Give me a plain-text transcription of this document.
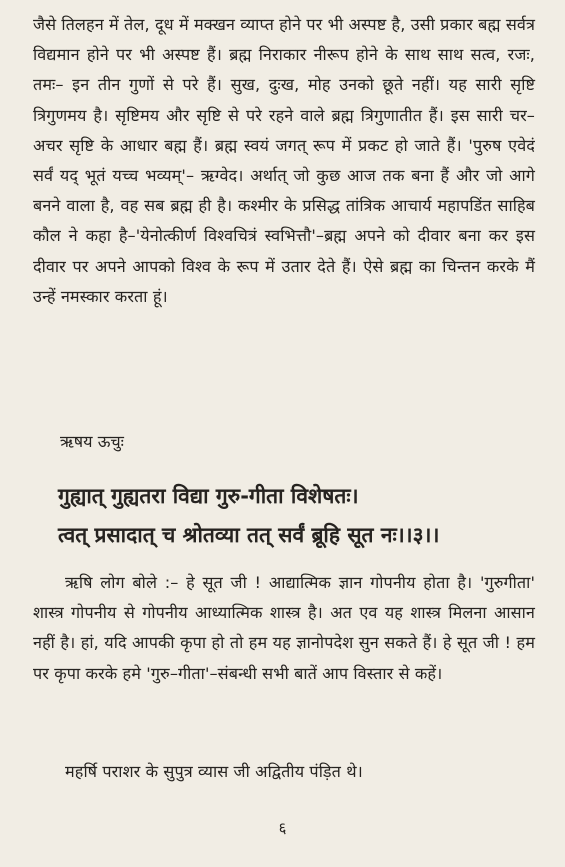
जैसे तिलहन में तेल, दूध में मक्खन व्याप्त होने पर भी अस्पष्ट है, उसी प्रकार बह्म सर्वत्र विद्यमान होने पर भी अस्पष्ट हैं। ब्रह्म निराकार नीरूप होने के साथ साथ सत्व, रजः, तमः– इन तीन गुणों से परे हैं। सुख, दुःख, मोह उनको छूते नहीं। यह सारी सृष्टि त्रिगुणमय है। सृष्टिमय और सृष्टि से परे रहने वाले ब्रह्म त्रिगुणातीत हैं। इस सारी चर–अचर सृष्टि के आधार बह्म हैं। ब्रह्म स्वयं जगत् रूप में प्रकट हो जाते हैं। 'पुरुष एवेदं सर्वं यद् भूतं यच्च भव्यम्'– ऋग्वेद। अर्थात् जो कुछ आज तक बना हैं और जो आगे बनने वाला है, वह सब ब्रह्म ही है। कश्मीर के प्रसिद्ध तांत्रिक आचार्य महापडिंत साहिब कौल ने कहा है–'येनोत्कीर्ण विश्वचित्रं स्वभित्तौ'–ब्रह्म अपने को दीवार बना कर इस दीवार पर अपने आपको विश्व के रूप में उतार देते हैं। ऐसे ब्रह्म का चिन्तन करके मैं उन्हें नमस्कार करता हूं।

ऋषय ऊचुः

गुह्यात् गुह्यतरा विद्या गुरु-गीता विशेषतः।

त्वत् प्रसादात् च श्रोतव्या तत् सर्वं ब्रूहि सूत नः।।३।।

ऋषि लोग बोले :– हे सूत जी ! आद्यात्मिक ज्ञान गोपनीय होता है। 'गुरुगीता' शास्त्र गोपनीय से गोपनीय आध्यात्मिक शास्त्र है। अत एव यह शास्त्र मिलना आसान नहीं है। हां, यदि आपकी कृपा हो तो हम यह ज्ञानोपदेश सुन सकते हैं। हे सूत जी ! हम पर कृपा करके हमे 'गुरु–गीता'–संबन्धी सभी बातें आप विस्तार से कहें।

महर्षि पराशर के सुपुत्र व्यास जी अद्वितीय पंड़ित थे।

६
